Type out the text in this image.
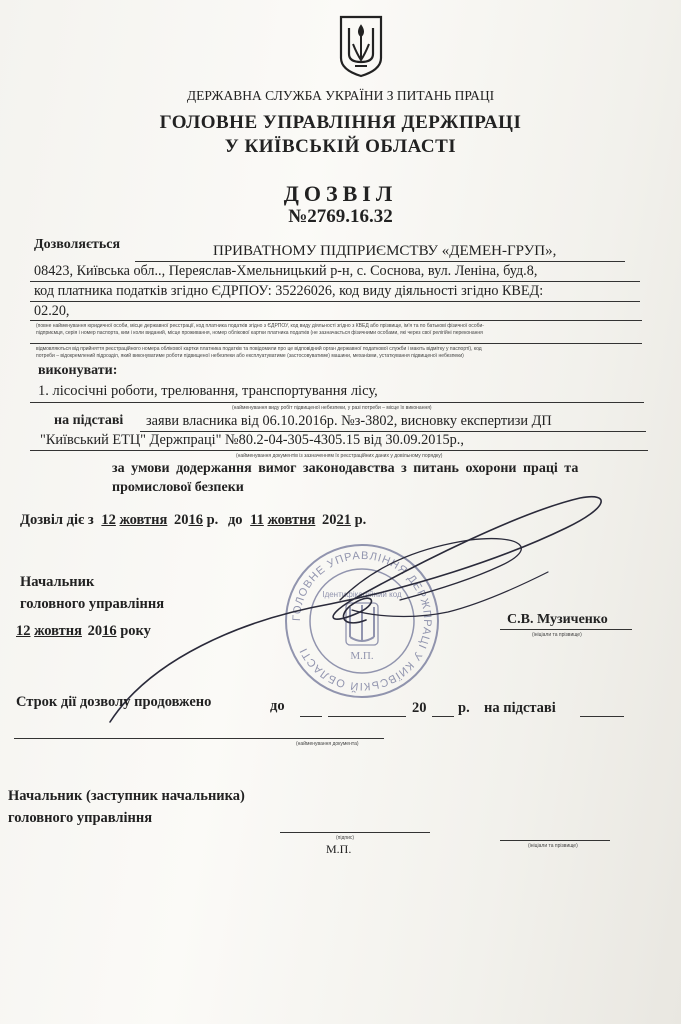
ДЕРЖАВНА СЛУЖБА УКРАЇНИ З ПИТАНЬ ПРАЦІ
ГОЛОВНЕ УПРАВЛІННЯ ДЕРЖПРАЦІ
У КИЇВСЬКІЙ ОБЛАСТІ
ДОЗВІЛ
№2769.16.32
Дозволяється	ПРИВАТНОМУ ПІДПРИЄМСТВУ «ДЕМЕН-ГРУП»,
08423, Київська обл.., Переяслав-Хмельницький р-н, с. Соснова, вул. Леніна, буд.8,
код платника податків згідно ЄДРПОУ: 35226026, код виду діяльності згідно КВЕД:
02.20,
(повне найменування юридичної особи, місце державної реєстрації, код платника податків згідно з ЄДРПОУ, код виду діяльності згідно з КВЕД або прізвище, ім'я та по батькові фізичної особи-
підприємця, серія і номер паспорта, ким і коли виданий, місце проживання, номер облікової картки платника податків (не зазначається фізичними особами, які через свої релігійні переконання
відмовляються від прийняття реєстраційного номера облікової картки платника податків та повідомили про це відповідний орган державної податкової служби і мають відмітку у паспорті), код
потреби – відокремлений підрозділ, який виконуватиме роботи підвищеної небезпеки або експлуатуватиме (застосовуватиме) машини, механізми, устаткування підвищеної небезпеки)
виконувати:
1. лісосічні роботи, трелювання, транспортування лісу,
(найменування виду робіт підвищеної небезпеки, у разі потреби – місце їх виконання)
на підставі заяви власника від 06.10.2016р. №з-3802, висновку експертизи ДП
"Київський ЕТЦ" Держпраці" №80.2-04-305-4305.15 від 30.09.2015р.,
(найменування документів із зазначенням їх реєстраційних даних у довільному порядку)
за умови додержання вимог законодавства з питань охорони праці та
промислової безпеки
Дозвіл діє з 12 жовтня 2016 р. до 11 жовтня 2021 р.
Начальник
головного управління
12 жовтня 2016 року
С.В. Музиченко
(ініціали та прізвище)
ГОЛОВНЕ УПРАВЛІННЯ ДЕРЖПРАЦІ У КИЇВСЬКІЙ ОБЛАСТІ
Ідентифікаційний код
М.П.
Строк дії дозволу продовжено	до	20 р. на підставі
(найменування документа)
Начальник (заступник начальника)
головного управління
(підпис)
М.П.	(ініціали та прізвище)
